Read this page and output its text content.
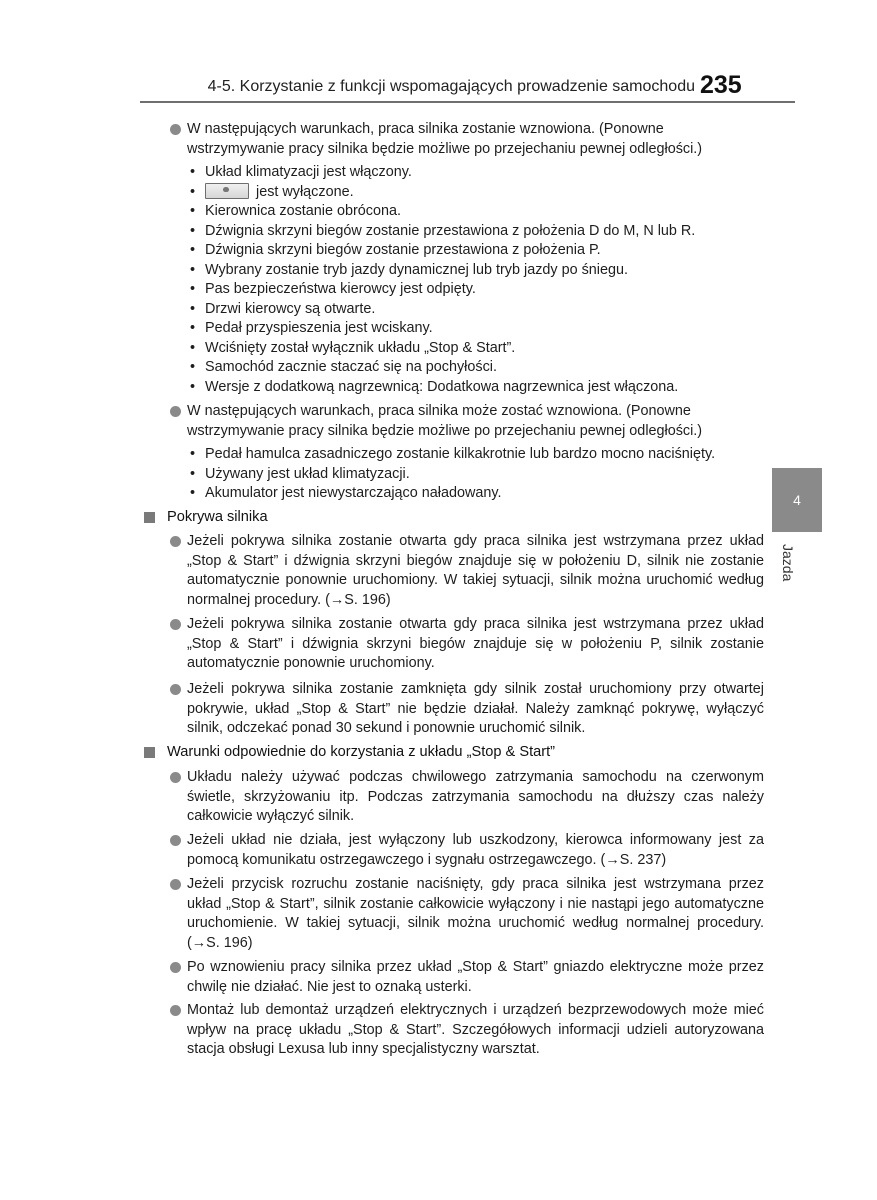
4-5. Korzystanie z funkcji wspomagających prowadzenie samochodu 235
4
Jazda
W następujących warunkach, praca silnika zostanie wznowiona. (Ponowne
wstrzymywanie pracy silnika będzie możliwe po przejechaniu pewnej odległości.)
• Układ klimatyzacji jest włączony.
•	jest wyłączone.
• Kierownica zostanie obrócona.
• Dźwignia skrzyni biegów zostanie przestawiona z położenia D do M, N lub R.
• Dźwignia skrzyni biegów zostanie przestawiona z położenia P.
• Wybrany zostanie tryb jazdy dynamicznej lub tryb jazdy po śniegu.
• Pas bezpieczeństwa kierowcy jest odpięty.
• Drzwi kierowcy są otwarte.
• Pedał przyspieszenia jest wciskany.
• Wciśnięty został wyłącznik układu „Stop & Start”.
• Samochód zacznie staczać się na pochyłości.
• Wersje z dodatkową nagrzewnicą: Dodatkowa nagrzewnica jest włączona.
W następujących warunkach, praca silnika może zostać wznowiona. (Ponowne
wstrzymywanie pracy silnika będzie możliwe po przejechaniu pewnej odległości.)
• Pedał hamulca zasadniczego zostanie kilkakrotnie lub bardzo mocno naciśnięty.
• Używany jest układ klimatyzacji.
• Akumulator jest niewystarczająco naładowany.
Pokrywa silnika
Jeżeli pokrywa silnika zostanie otwarta gdy praca silnika jest wstrzymana przez układ „Stop & Start” i dźwignia skrzyni biegów znajduje się w położeniu D, silnik nie zostanie automatycznie ponownie uruchomiony. W takiej sytuacji, silnik można uruchomić według normalnej procedury. (→S. 196)
Jeżeli pokrywa silnika zostanie otwarta gdy praca silnika jest wstrzymana przez układ „Stop & Start” i dźwignia skrzyni biegów znajduje się w położeniu P, silnik zostanie automatycznie ponownie uruchomiony.
Jeżeli pokrywa silnika zostanie zamknięta gdy silnik został uruchomiony przy otwartej pokrywie, układ „Stop & Start” nie będzie działał. Należy zamknąć pokrywę, wyłączyć silnik, odczekać ponad 30 sekund i ponownie uruchomić silnik.
Warunki odpowiednie do korzystania z układu „Stop & Start”
Układu należy używać podczas chwilowego zatrzymania samochodu na czerwonym świetle, skrzyżowaniu itp. Podczas zatrzymania samochodu na dłuższy czas należy całkowicie wyłączyć silnik.
Jeżeli układ nie działa, jest wyłączony lub uszkodzony, kierowca informowany jest za pomocą komunikatu ostrzegawczego i sygnału ostrzegawczego. (→S. 237)
Jeżeli przycisk rozruchu zostanie naciśnięty, gdy praca silnika jest wstrzymana przez układ „Stop & Start”, silnik zostanie całkowicie wyłączony i nie nastąpi jego automatyczne uruchomienie. W takiej sytuacji, silnik można uruchomić według normalnej procedury. (→S. 196)
Po wznowieniu pracy silnika przez układ „Stop & Start” gniazdo elektryczne może przez chwilę nie działać. Nie jest to oznaką usterki.
Montaż lub demontaż urządzeń elektrycznych i urządzeń bezprzewodowych może mieć wpływ na pracę układu „Stop & Start”. Szczegółowych informacji udzieli autoryzowana stacja obsługi Lexusa lub inny specjalistyczny warsztat.
